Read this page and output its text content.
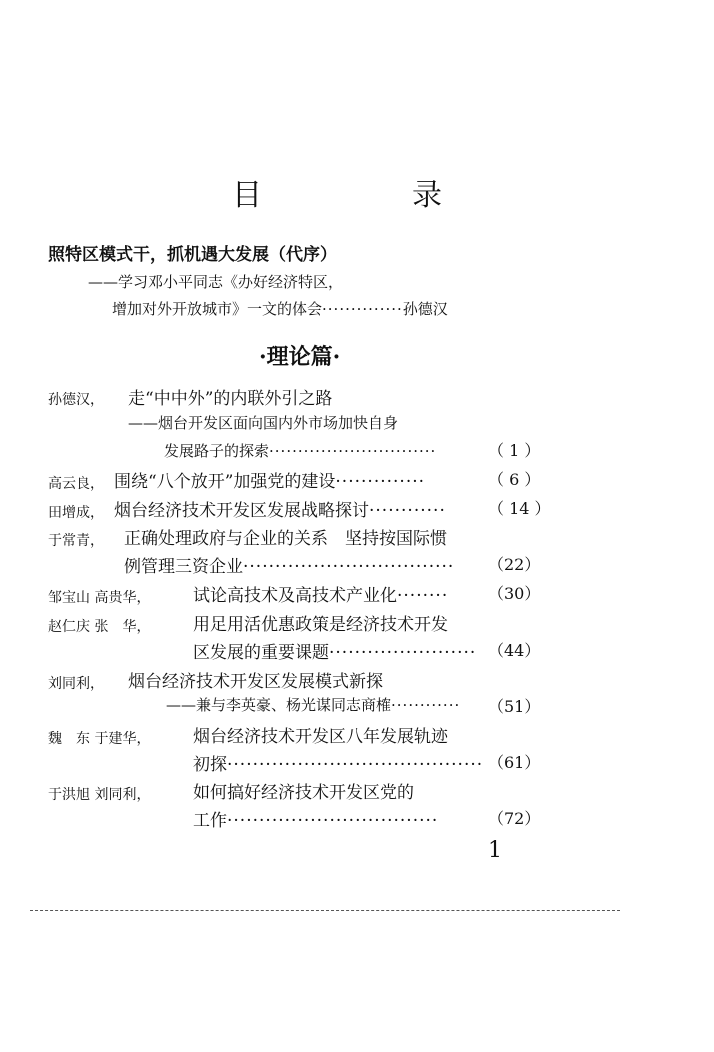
目　录
照特区模式干，抓机遇大发展（代序）
——学习邓小平同志《办好经济特区，
增加对外开放城市》一文的体会··············孙德汉
·理论篇·
孙德汉， 走“中中外”的内联外引之路
——烟台开发区面向国内外市场加快自身
发展路子的探索·····························	（ 1 ）
高云良， 围绕“八个放开”加强党的建设··············	（ 6 ）
田增成， 烟台经济技术开发区发展战略探讨············	（ 14 ）
于常青， 正确处理政府与企业的关系　坚持按国际惯
例管理三资企业································· （22）
邹宝山 高贵华，	试论高技术及高技术产业化········ （30）
赵仁庆 张　华，	用足用活优惠政策是经济技术开发
区发展的重要课题······················· （44）
刘同利， 烟台经济技术开发区发展模式新探
——兼与李英豪、杨光谋同志商榷············ （51）
魏　东 于建华，	烟台经济技术开发区八年发展轨迹
初探········································ （61）
于洪旭 刘同利，	如何搞好经济技术开发区党的
工作·································	（72）
1
